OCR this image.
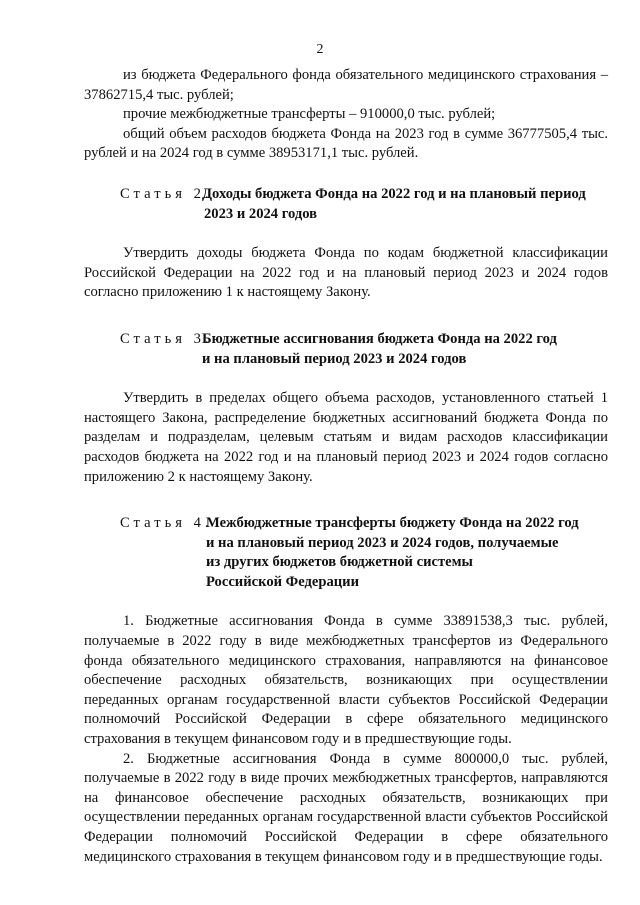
2

из бюджета Федерального фонда обязательного медицинского страхования – 37862715,4 тыс. рублей;

прочие межбюджетные трансферты – 910000,0 тыс. рублей;

общий объем расходов бюджета Фонда на 2023 год в сумме 36777505,4 тыс. рублей и на 2024 год в сумме 38953171,1 тыс. рублей.

Статья 2.
Доходы бюджета Фонда на 2022 год и на плановый период
2023 и 2024 годов

Утвердить доходы бюджета Фонда по кодам бюджетной классификации Российской Федерации на 2022 год и на плановый период 2023 и 2024 годов согласно приложению 1 к настоящему Закону.

Статья 3.
Бюджетные ассигнования бюджета Фонда на 2022 год
и на плановый период 2023 и 2024 годов

Утвердить в пределах общего объема расходов, установленного статьей 1 настоящего Закона, распределение бюджетных ассигнований бюджета Фонда по разделам и подразделам, целевым статьям и видам расходов классификации расходов бюджета на 2022 год и на плановый период 2023 и 2024 годов согласно приложению 2 к настоящему Закону.

Статья 4.
Межбюджетные трансферты бюджету Фонда на 2022 год
и на плановый период 2023 и 2024 годов, получаемые
из других бюджетов бюджетной системы
Российской Федерации

1. Бюджетные ассигнования Фонда в сумме 33891538,3 тыс. рублей, получаемые в 2022 году в виде межбюджетных трансфертов из Федерального фонда обязательного медицинского страхования, направляются на финансовое обеспечение расходных обязательств, возникающих при осуществлении переданных органам государственной власти субъектов Российской Федерации полномочий Российской Федерации в сфере обязательного медицинского страхования в текущем финансовом году и в предшествующие годы.

2. Бюджетные ассигнования Фонда в сумме 800000,0 тыс. рублей, получаемые в 2022 году в виде прочих межбюджетных трансфертов, направляются на финансовое обеспечение расходных обязательств, возникающих при осуществлении переданных органам государственной власти субъектов Российской Федерации полномочий Российской Федерации в сфере обязательного медицинского страхования в текущем финансовом году и в предшествующие годы.
